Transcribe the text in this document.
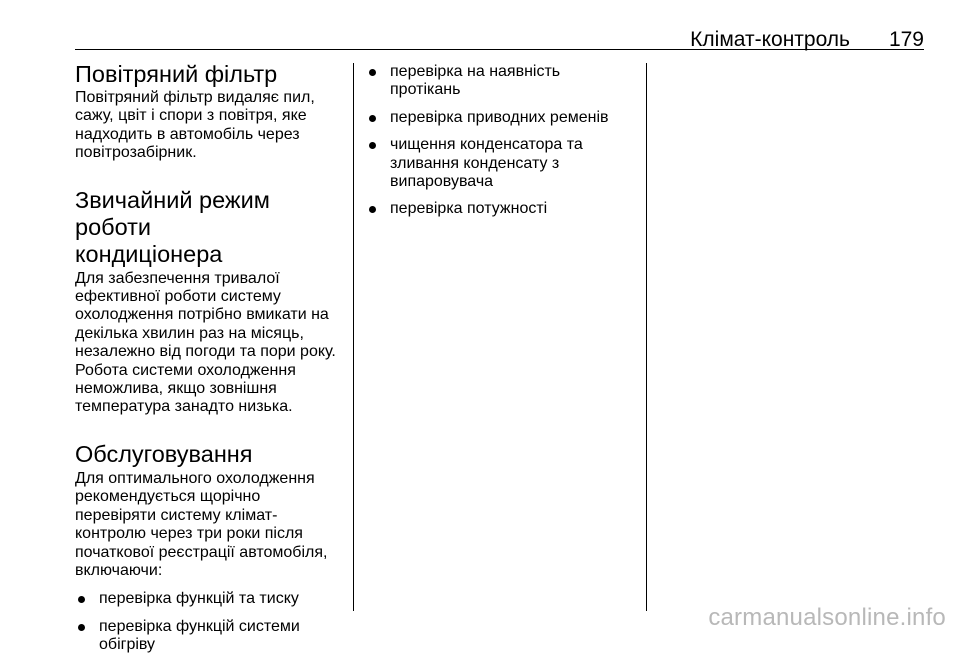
Клімат-контроль 179
Повітряний фільтр

Повітряний фільтр видаляє пил,
сажу, цвіт і спори з повітря, яке
надходить в автомобіль через
повітрозабірник.

Звичайний режим роботи
кондиціонера

Для забезпечення тривалої
ефективної роботи систему
охолодження потрібно вмикати на
декілька хвилин раз на місяць,
незалежно від погоди та пори року.
Робота системи охолодження
неможлива, якщо зовнішня
температура занадто низька.

Обслуговування

Для оптимального охолодження
рекомендується щорічно
перевіряти систему клімат-
контролю через три роки після
початкової реєстрації автомобіля,
включаючи:

перевірка функцій та тиску
перевірка функцій системи
обігріву
перевірка на наявність
протікань
перевірка приводних ременів
чищення конденсатора та
зливання конденсату з
випаровувача
перевірка потужності
carmanualsonline.info
